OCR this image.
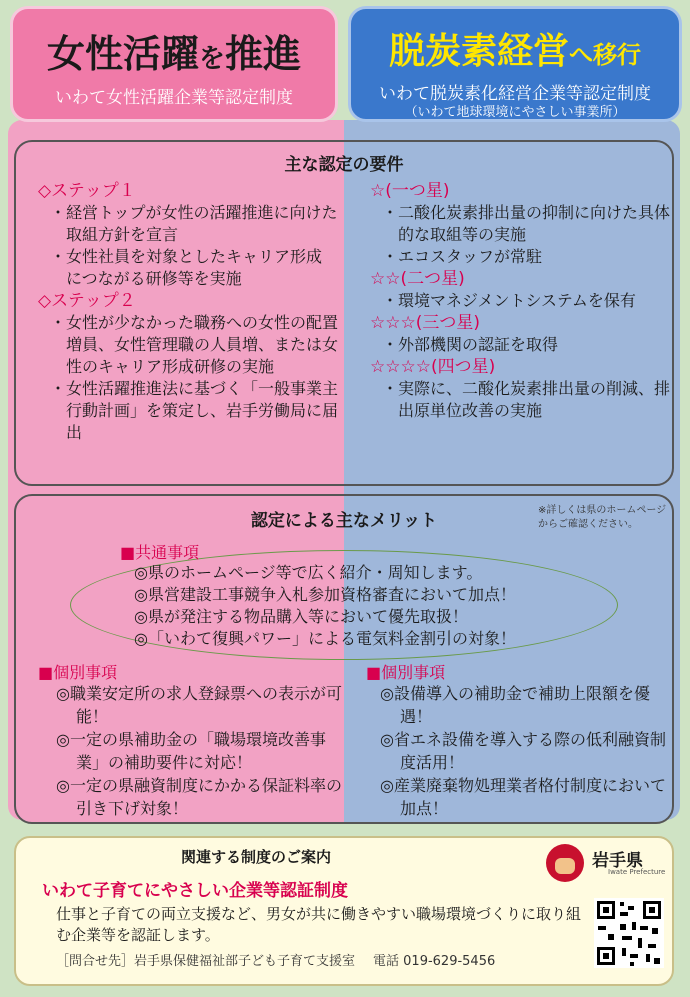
女性活躍を推進
いわて女性活躍企業等認定制度
脱炭素経営へ移行
いわて脱炭素化経営企業等認定制度
（いわて地球環境にやさしい事業所）
主な認定の要件
◇ステップ１
・経営トップが女性の活躍推進に向けた取組方針を宣言
・女性社員を対象としたキャリア形成につながる研修等を実施
◇ステップ２
・女性が少なかった職務への女性の配置増員、女性管理職の人員増、または女性のキャリア形成研修の実施
・女性活躍推進法に基づく「一般事業主行動計画」を策定し、岩手労働局に届出
☆(一つ星)
・二酸化炭素排出量の抑制に向けた具体的な取組等の実施
・エコスタッフが常駐
☆☆(二つ星)
・環境マネジメントシステムを保有
☆☆☆(三つ星)
・外部機関の認証を取得
☆☆☆☆(四つ星)
・実際に、二酸化炭素排出量の削減、排出原単位改善の実施
認定による主なメリット
※詳しくは県のホームページからご確認ください。
■共通事項
◎県のホームページ等で広く紹介・周知します。
◎県営建設工事競争入札参加資格審査において加点！
◎県が発注する物品購入等において優先取扱！
◎「いわて復興パワー」による電気料金割引の対象！
■個別事項	■個別事項
◎職業安定所の求人登録票への表示が可能！
◎一定の県補助金の「職場環境改善事業」の補助要件に対応！
◎一定の県融資制度にかかる保証料率の引き下げ対象！
◎設備導入の補助金で補助上限額を優遇！
◎省エネ設備を導入する際の低利融資制度活用！
◎産業廃棄物処理業者格付制度において加点！
関連する制度のご案内	岩手県
Iwate Prefecture
いわて子育てにやさしい企業等認証制度
仕事と子育ての両立支援など、男女が共に働きやすい職場環境づくりに取り組む企業等を認証します。
［問合せ先］岩手県保健福祉部子ども子育て支援室 電話 019-629-5456
